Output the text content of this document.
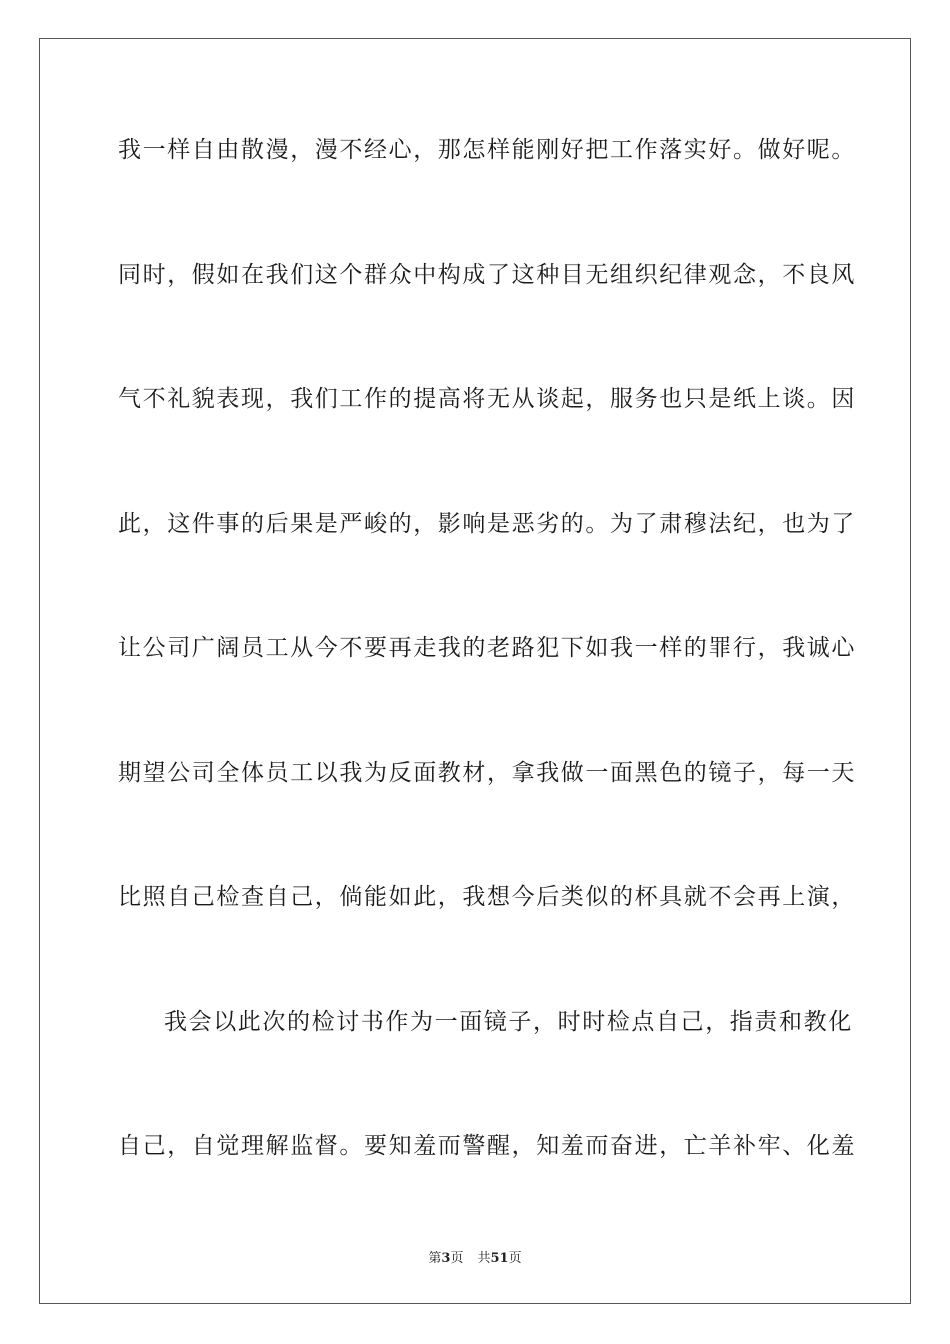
我一样自由散漫，漫不经心，那怎样能刚好把工作落实好。做好呢。
同时，假如在我们这个群众中构成了这种目无组织纪律观念，不良风
气不礼貌表现，我们工作的提高将无从谈起，服务也只是纸上谈。因
此，这件事的后果是严峻的，影响是恶劣的。为了肃穆法纪，也为了
让公司广阔员工从今不要再走我的老路犯下如我一样的罪行，我诚心
期望公司全体员工以我为反面教材，拿我做一面黑色的镜子，每一天
比照自己检查自己，倘能如此，我想今后类似的杯具就不会再上演，
我会以此次的检讨书作为一面镜子，时时检点自己，指责和教化
自己，自觉理解监督。要知羞而警醒，知羞而奋进，亡羊补牢、化羞
第3页 共51页
